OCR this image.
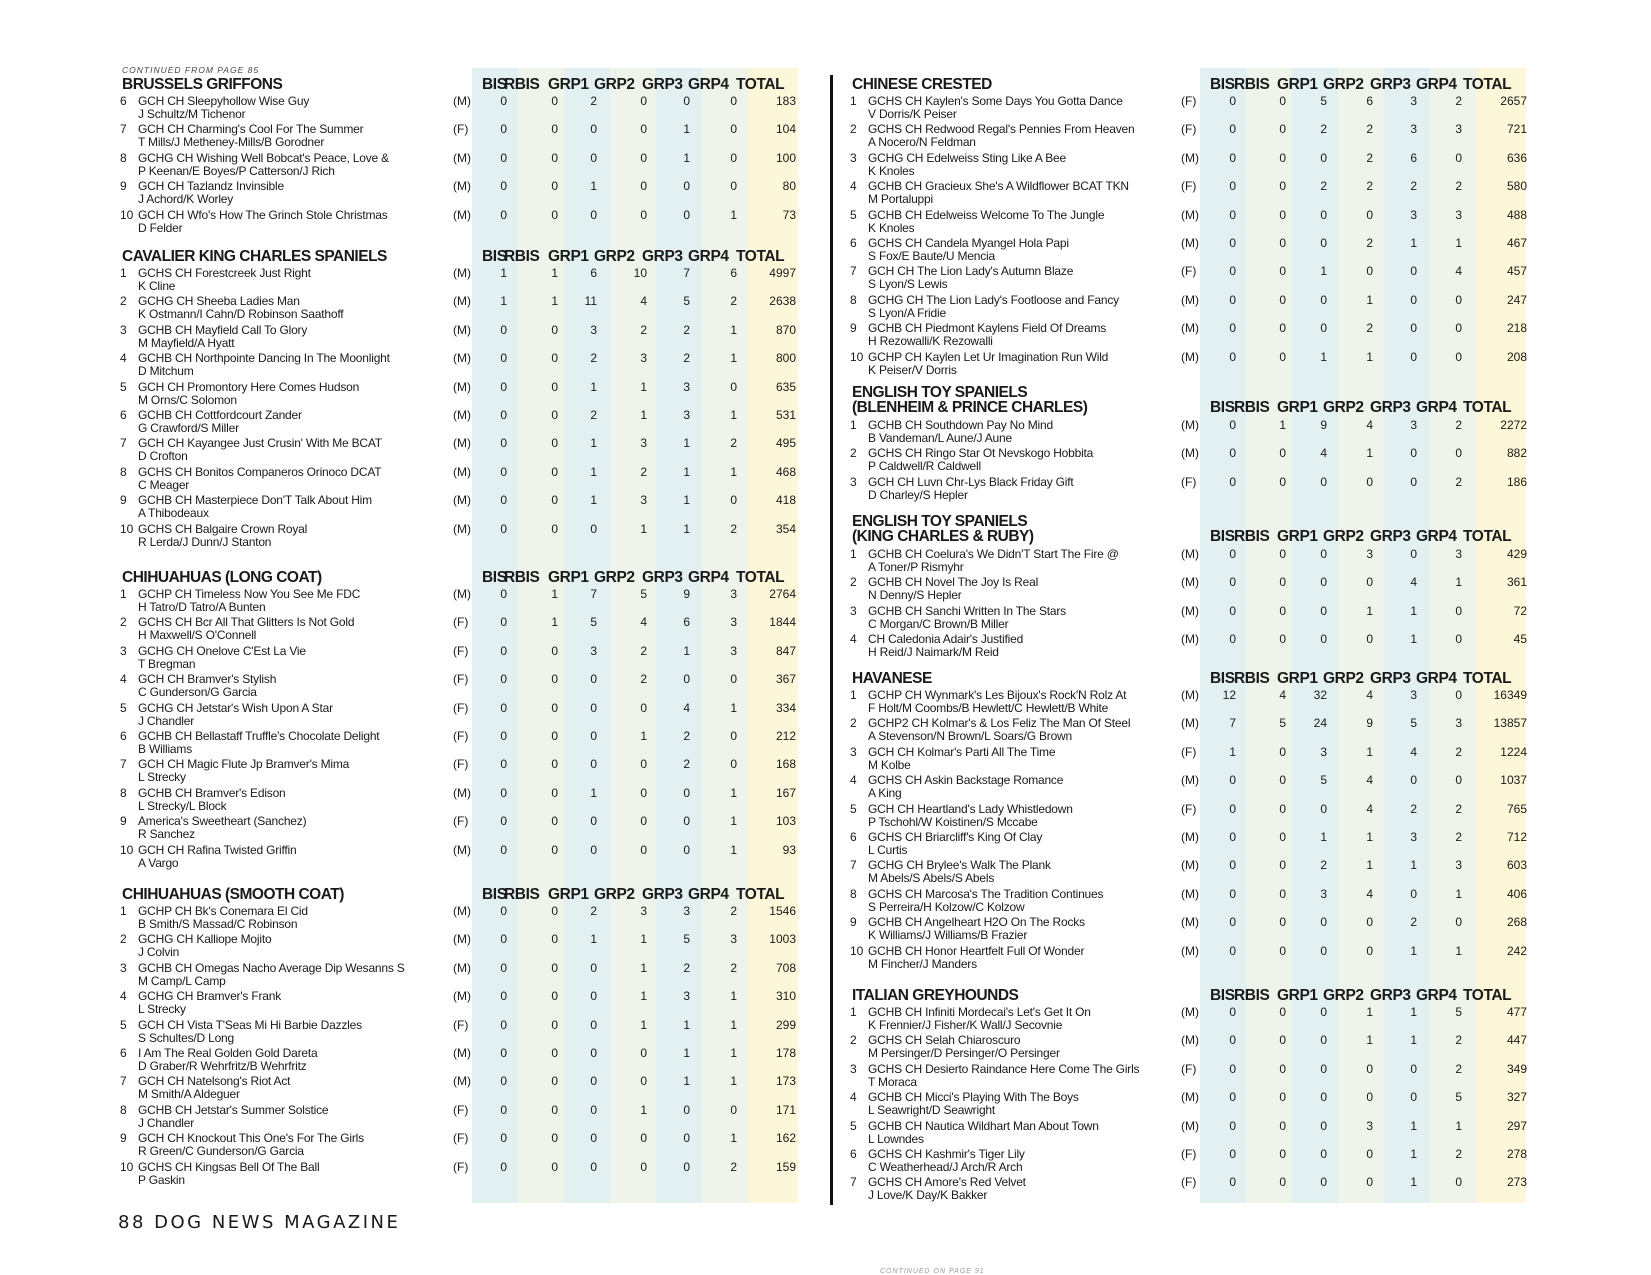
CONTINUED FROM PAGE 85
BRUSSELS GRIFFONS	BIS
RBIS GRP1 GRP2 GRP3 GRP4 TOTAL
6 GCH CH Sleepyhollow Wise Guy
J Schultz/M Tichenor
(M)	0	0	2	0	0	0	183
7 GCH CH Charming's Cool For The Summer
T Mills/J Metheney-Mills/B Gorodner
(F)	0	0	0	0	1	0	104
8 GCHG CH Wishing Well Bobcat's Peace, Love &
P Keenan/E Boyes/P Catterson/J Rich
(M)	0	0	0	0	1	0	100
9 GCH CH Tazlandz Invinsible
J Achord/K Worley
(M)	0	0	1	0	0	0	80
10 GCH CH Wfo's How The Grinch Stole Christmas
D Felder
(M)	0	0	0	0	0	1	73
CAVALIER KING CHARLES SPANIELS	BIS
RBIS GRP1 GRP2 GRP3 GRP4 TOTAL
1 GCHS CH Forestcreek Just Right
K Cline
(M)	1	1	6	10	7	6	4997
2 GCHG CH Sheeba Ladies Man
K Ostmann/I Cahn/D Robinson Saathoff
(M)	1	1	11	4	5	2	2638
3 GCHB CH Mayfield Call To Glory
M Mayfield/A Hyatt
(M)	0	0	3	2	2	1	870
4 GCHB CH Northpointe Dancing In The Moonlight
D Mitchum
(M)	0	0	2	3	2	1	800
5 GCH CH Promontory Here Comes Hudson
M Orns/C Solomon
(M)	0	0	1	1	3	0	635
6 GCHB CH Cottfordcourt Zander
G Crawford/S Miller
(M)	0	0	2	1	3	1	531
7 GCH CH Kayangee Just Crusin' With Me BCAT
D Crofton
(M)	0	0	1	3	1	2	495
8 GCHS CH Bonitos Companeros Orinoco DCAT
C Meager
(M)	0	0	1	2	1	1	468
9 GCHB CH Masterpiece Don'T Talk About Him
A Thibodeaux
(M)	0	0	1	3	1	0	418
10 GCHS CH Balgaire Crown Royal
R Lerda/J Dunn/J Stanton
(M)	0	0	0	1	1	2	354
CHIHUAHUAS (LONG COAT)	BIS
RBIS GRP1 GRP2 GRP3 GRP4 TOTAL
1 GCHP CH Timeless Now You See Me FDC
H Tatro/D Tatro/A Bunten
(M)	0	1	7	5	9	3	2764
2 GCHS CH Bcr All That Glitters Is Not Gold
H Maxwell/S O'Connell
(F)	0	1	5	4	6	3	1844
3 GCHG CH Onelove C'Est La Vie
T Bregman
(F)	0	0	3	2	1	3	847
4 GCH CH Bramver's Stylish
C Gunderson/G Garcia
(F)	0	0	0	2	0	0	367
5 GCHG CH Jetstar's Wish Upon A Star
J Chandler
(F)	0	0	0	0	4	1	334
6 GCHB CH Bellastaff Truffle's Chocolate Delight
B Williams
(F)	0	0	0	1	2	0	212
7 GCH CH Magic Flute Jp Bramver's Mima
L Strecky
(F)	0	0	0	0	2	0	168
8 GCHB CH Bramver's Edison
L Strecky/L Block
(M)	0	0	1	0	0	1	167
9 America's Sweetheart (Sanchez)
R Sanchez
(F)	0	0	0	0	0	1	103
10 GCH CH Rafina Twisted Griffin
A Vargo
(M)	0	0	0	0	0	1	93
CHIHUAHUAS (SMOOTH COAT)	BIS
RBIS GRP1 GRP2 GRP3 GRP4 TOTAL
1 GCHP CH Bk's Conemara El Cid
B Smith/S Massad/C Robinson
(M)	0	0	2	3	3	2	1546
2 GCHG CH Kalliope Mojito
J Colvin
(M)	0	0	1	1	5	3	1003
3 GCHB CH Omegas Nacho Average Dip Wesanns S
M Camp/L Camp
(M)	0	0	0	1	2	2	708
4 GCHG CH Bramver's Frank
L Strecky
(M)	0	0	0	1	3	1	310
5 GCH CH Vista T'Seas Mi Hi Barbie Dazzles
S Schultes/D Long
(F)	0	0	0	1	1	1	299
6 I Am The Real Golden Gold Dareta
D Graber/R Wehrfritz/B Wehrfritz
(M)	0	0	0	0	1	1	178
7 GCH CH Natelsong's Riot Act
M Smith/A Aldeguer
(M)	0	0	0	0	1	1	173
8 GCHB CH Jetstar's Summer Solstice
J Chandler
(F)	0	0	0	1	0	0	171
9 GCH CH Knockout This One's For The Girls
R Green/C Gunderson/G Garcia
(F)	0	0	0	0	0	1	162
10 GCHS CH Kingsas Bell Of The Ball
P Gaskin
(F)	0	0	0	0	0	2	159
CHINESE CRESTED	BIS RBIS GRP1 GRP2 GRP3 GRP4 TOTAL
1 GCHS CH Kaylen's Some Days You Gotta Dance
V Dorris/K Peiser
(F)	0	0	5	6	3	2	2657
2 GCHS CH Redwood Regal's Pennies From Heaven
A Nocero/N Feldman
(F)	0	0	2	2	3	3	721
3 GCHG CH Edelweiss Sting Like A Bee
K Knoles
(M)	0	0	0	2	6	0	636
4 GCHB CH Gracieux She's A Wildflower BCAT TKN
M Portaluppi
(F)	0	0	2	2	2	2	580
5 GCHB CH Edelweiss Welcome To The Jungle
K Knoles
(M)	0	0	0	0	3	3	488
6 GCHS CH Candela Myangel Hola Papi
S Fox/E Baute/U Mencia
(M)	0	0	0	2	1	1	467
7 GCH CH The Lion Lady's Autumn Blaze
S Lyon/S Lewis
(F)	0	0	1	0	0	4	457
8 GCHG CH The Lion Lady's Footloose and Fancy
S Lyon/A Fridie
(M)	0	0	0	1	0	0	247
9 GCHB CH Piedmont Kaylens Field Of Dreams
H Rezowalli/K Rezowalli
(M)	0	0	0	2	0	0	218
10 GCHP CH Kaylen Let Ur Imagination Run Wild
K Peiser/V Dorris
(M)	0	0	1	1	0	0	208
ENGLISH TOY SPANIELS
(BLENHEIM & PRINCE CHARLES)	BIS RBIS GRP1 GRP2 GRP3 GRP4 TOTAL
1 GCHB CH Southdown Pay No Mind
B Vandeman/L Aune/J Aune
(M)	0	1	9	4	3	2	2272
2 GCHS CH Ringo Star Ot Nevskogo Hobbita
P Caldwell/R Caldwell
(M)	0	0	4	1	0	0	882
3 GCH CH Luvn Chr-Lys Black Friday Gift
D Charley/S Hepler
(F)	0	0	0	0	0	2	186
ENGLISH TOY SPANIELS
(KING CHARLES & RUBY)	BIS RBIS GRP1 GRP2 GRP3 GRP4 TOTAL
1 GCHB CH Coelura's We Didn'T Start The Fire @
A Toner/P Rismyhr
(M)	0	0	0	3	0	3	429
2 GCHB CH Novel The Joy Is Real
N Denny/S Hepler
(M)	0	0	0	0	4	1	361
3 GCHB CH Sanchi Written In The Stars
C Morgan/C Brown/B Miller
(M)	0	0	0	1	1	0	72
4 CH Caledonia Adair's Justified
H Reid/J Naimark/M Reid
(M)	0	0	0	0	1	0	45
HAVANESE	BIS RBIS GRP1 GRP2 GRP3 GRP4 TOTAL
1 GCHP CH Wynmark's Les Bijoux's Rock'N Rolz At
F Holt/M Coombs/B Hewlett/C Hewlett/B White
(M)	12	4	32	4	3	0	16349
2 GCHP2 CH Kolmar's & Los Feliz The Man Of Steel
A Stevenson/N Brown/L Soars/G Brown
(M)	7	5	24	9	5	3	13857
3 GCH CH Kolmar's Parti All The Time
M Kolbe
(F)	1	0	3	1	4	2	1224
4 GCHS CH Askin Backstage Romance
A King
(M)	0	0	5	4	0	0	1037
5 GCH CH Heartland's Lady Whistledown
P Tschohl/W Koistinen/S Mccabe
(F)	0	0	0	4	2	2	765
6 GCHS CH Briarcliff's King Of Clay
L Curtis
(M)	0	0	1	1	3	2	712
7 GCHG CH Brylee's Walk The Plank
M Abels/S Abels/S Abels
(M)	0	0	2	1	1	3	603
8 GCHS CH Marcosa's The Tradition Continues
S Perreira/H Kolzow/C Kolzow
(M)	0	0	3	4	0	1	406
9 GCHB CH Angelheart H2O On The Rocks
K Williams/J Williams/B Frazier
(M)	0	0	0	0	2	0	268
10 GCHB CH Honor Heartfelt Full Of Wonder
M Fincher/J Manders
(M)	0	0	0	0	1	1	242
ITALIAN GREYHOUNDS	BIS RBIS GRP1 GRP2 GRP3 GRP4 TOTAL
1 GCHB CH Infiniti Mordecai's Let's Get It On
K Frennier/J Fisher/K Wall/J Secovnie
(M)	0	0	0	1	1	5	477
2 GCHS CH Selah Chiaroscuro
M Persinger/D Persinger/O Persinger
(M)	0	0	0	1	1	2	447
3 GCHS CH Desierto Raindance Here Come The Girls
T Moraca
(F)	0	0	0	0	0	2	349
4 GCHB CH Micci's Playing With The Boys
L Seawright/D Seawright
(M)	0	0	0	0	0	5	327
5 GCHB CH Nautica Wildhart Man About Town
L Lowndes
(M)	0	0	0	3	1	1	297
6 GCHS CH Kashmir's Tiger Lily
C Weatherhead/J Arch/R Arch
(F)	0	0	0	0	1	2	278
7 GCHS CH Amore's Red Velvet
J Love/K Day/K Bakker
(F)	0	0	0	0	1	0	273
88 DOG NEWS MAGAZINE
CONTINUED ON PAGE 91
